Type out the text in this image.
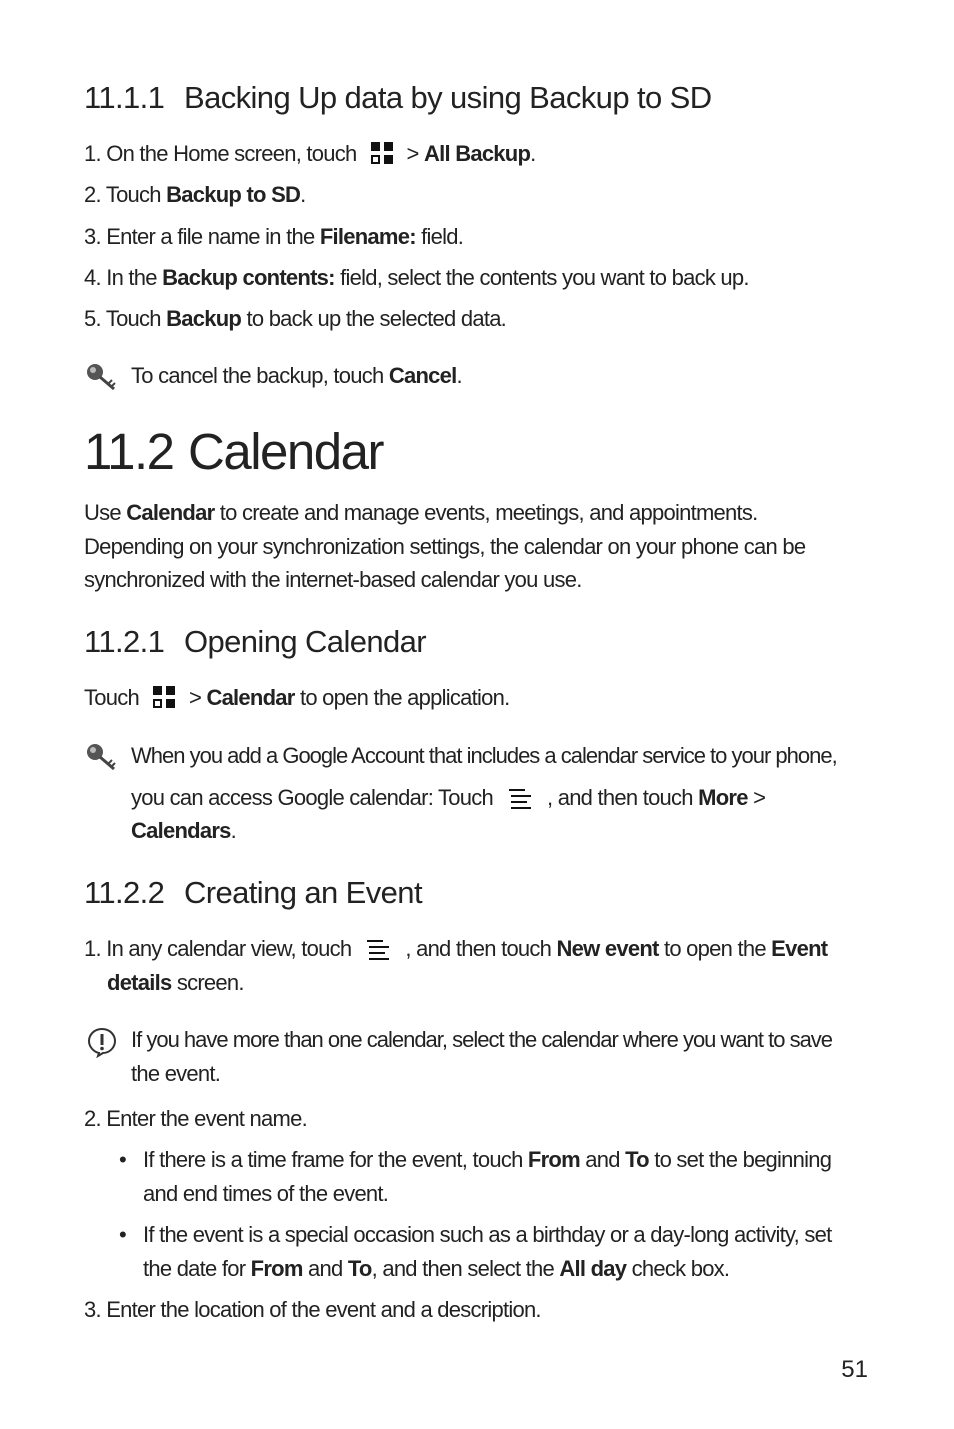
11.1.1 Backing Up data by using Backup to SD
1. On the Home screen, touch > All Backup.
2. Touch Backup to SD.
3. Enter a file name in the Filename: field.
4. In the Backup contents: field, select the contents you want to back up.
5. Touch Backup to back up the selected data.
To cancel the backup, touch Cancel.
11.2 Calendar
Use Calendar to create and manage events, meetings, and appointments.
Depending on your synchronization settings, the calendar on your phone can be
synchronized with the internet-based calendar you use.
11.2.1 Opening Calendar
Touch > Calendar to open the application.
When you add a Google Account that includes a calendar service to your phone,
you can access Google calendar: Touch , and then touch More >
Calendars.
11.2.2 Creating an Event
1. In any calendar view, touch , and then touch New event to open the Event
details screen.
If you have more than one calendar, select the calendar where you want to save
the event.
2. Enter the event name.
• If there is a time frame for the event, touch From and To to set the beginning
and end times of the event.
• If the event is a special occasion such as a birthday or a day-long activity, set
the date for From and To, and then select the All day check box.
3. Enter the location of the event and a description.
51
